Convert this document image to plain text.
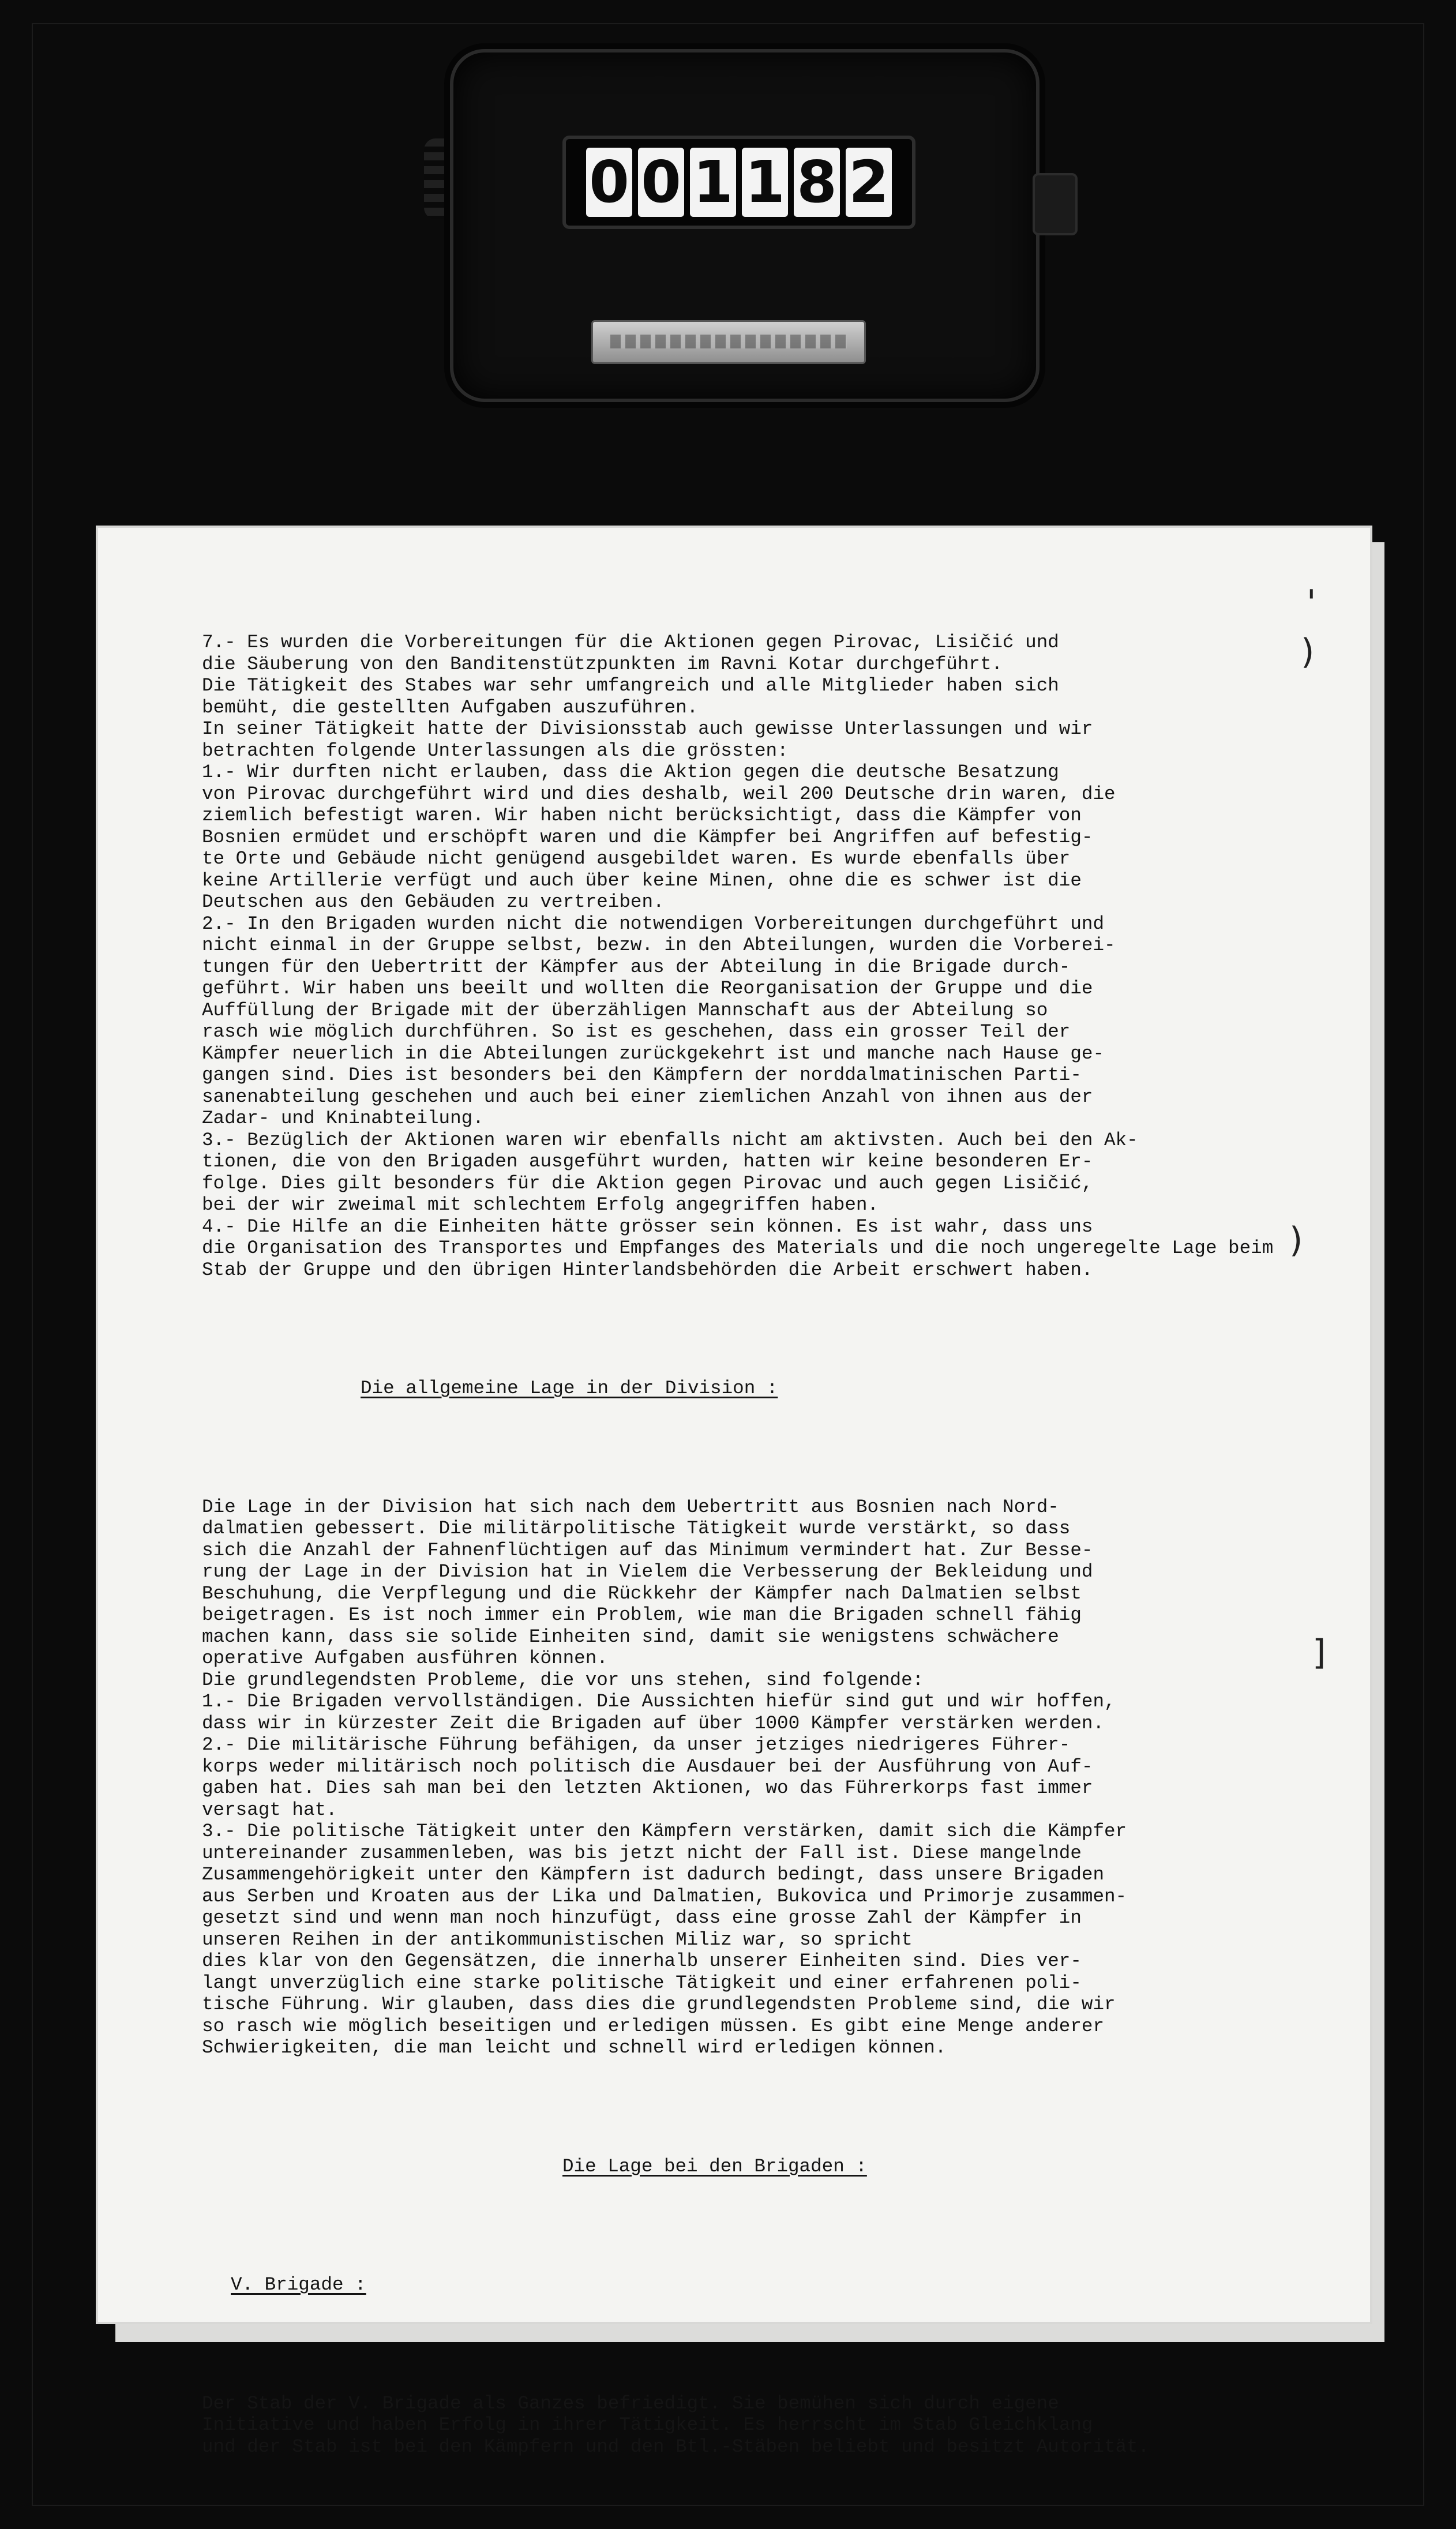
0 0 1 1 8 2

7.- Es wurden die Vorbereitungen für die Aktionen gegen Pirovac, Lisičić und
die Säuberung von den Banditenstützpunkten im Ravni Kotar durchgeführt.
Die Tätigkeit des Stabes war sehr umfangreich und alle Mitglieder haben sich
bemüht, die gestellten Aufgaben auszuführen.
In seiner Tätigkeit hatte der Divisionsstab auch gewisse Unterlassungen und wir
betrachten folgende Unterlassungen als die grössten:
1.- Wir durften nicht erlauben, dass die Aktion gegen die deutsche Besatzung
von Pirovac durchgeführt wird und dies deshalb, weil 200 Deutsche drin waren, die
ziemlich befestigt waren. Wir haben nicht berücksichtigt, dass die Kämpfer von
Bosnien ermüdet und erschöpft waren und die Kämpfer bei Angriffen auf befestig-
te Orte und Gebäude nicht genügend ausgebildet waren. Es wurde ebenfalls über
keine Artillerie verfügt und auch über keine Minen, ohne die es schwer ist die
Deutschen aus den Gebäuden zu vertreiben.
2.- In den Brigaden wurden nicht die notwendigen Vorbereitungen durchgeführt und
nicht einmal in der Gruppe selbst, bezw. in den Abteilungen, wurden die Vorberei-
tungen für den Uebertritt der Kämpfer aus der Abteilung in die Brigade durch-
geführt. Wir haben uns beeilt und wollten die Reorganisation der Gruppe und die
Auffüllung der Brigade mit der überzähligen Mannschaft aus der Abteilung so
rasch wie möglich durchführen. So ist es geschehen, dass ein grosser Teil der
Kämpfer neuerlich in die Abteilungen zurückgekehrt ist und manche nach Hause ge-
gangen sind. Dies ist besonders bei den Kämpfern der norddalmatinischen Parti-
sanenabteilung geschehen und auch bei einer ziemlichen Anzahl von ihnen aus der
Zadar- und Kninabteilung.
3.- Bezüglich der Aktionen waren wir ebenfalls nicht am aktivsten. Auch bei den Ak-
tionen, die von den Brigaden ausgeführt wurden, hatten wir keine besonderen Er-
folge. Dies gilt besonders für die Aktion gegen Pirovac und auch gegen Lisičić,
bei der wir zweimal mit schlechtem Erfolg angegriffen haben.
4.- Die Hilfe an die Einheiten hätte grösser sein können. Es ist wahr, dass uns
die Organisation des Transportes und Empfanges des Materials und die noch ungeregelte Lage beim
Stab der Gruppe und den übrigen Hinterlandsbehörden die Arbeit erschwert haben.

Die allgemeine Lage in der Division :

Die Lage in der Division hat sich nach dem Uebertritt aus Bosnien nach Nord-
dalmatien gebessert. Die militärpolitische Tätigkeit wurde verstärkt, so dass
sich die Anzahl der Fahnenflüchtigen auf das Minimum vermindert hat. Zur Besse-
rung der Lage in der Division hat in Vielem die Verbesserung der Bekleidung und
Beschuhung, die Verpflegung und die Rückkehr der Kämpfer nach Dalmatien selbst
beigetragen. Es ist noch immer ein Problem, wie man die Brigaden schnell fähig
machen kann, dass sie solide Einheiten sind, damit sie wenigstens schwächere
operative Aufgaben ausführen können.
Die grundlegendsten Probleme, die vor uns stehen, sind folgende:
1.- Die Brigaden vervollständigen. Die Aussichten hiefür sind gut und wir hoffen,
dass wir in kürzester Zeit die Brigaden auf über 1000 Kämpfer verstärken werden.
2.- Die militärische Führung befähigen, da unser jetziges niedrigeres Führer-
korps weder militärisch noch politisch die Ausdauer bei der Ausführung von Auf-
gaben hat. Dies sah man bei den letzten Aktionen, wo das Führerkorps fast immer
versagt hat.
3.- Die politische Tätigkeit unter den Kämpfern verstärken, damit sich die Kämpfer
untereinander zusammenleben, was bis jetzt nicht der Fall ist. Diese mangelnde
Zusammengehörigkeit unter den Kämpfern ist dadurch bedingt, dass unsere Brigaden
aus Serben und Kroaten aus der Lika und Dalmatien, Bukovica und Primorje zusammen-
gesetzt sind und wenn man noch hinzufügt, dass eine grosse Zahl der Kämpfer in
unseren Reihen in der antikommunistischen Miliz war, so spricht
dies klar von den Gegensätzen, die innerhalb unserer Einheiten sind. Dies ver-
langt unverzüglich eine starke politische Tätigkeit und einer erfahrenen poli-
tische Führung. Wir glauben, dass dies die grundlegendsten Probleme sind, die wir
so rasch wie möglich beseitigen und erledigen müssen. Es gibt eine Menge anderer
Schwierigkeiten, die man leicht und schnell wird erledigen können.

Die Lage bei den Brigaden :

V. Brigade :

Der Stab der V. Brigade als Ganzes befriedigt. Sie bemühen sich durch eigene
Initiative und haben Erfolg in ihrer Tätigkeit. Es herrscht im Stab Gleichklang
und der Stab ist bei den Kämpfern und den Btl.-Stäben beliebt und besitzt Autorität.

'
)
)
]
